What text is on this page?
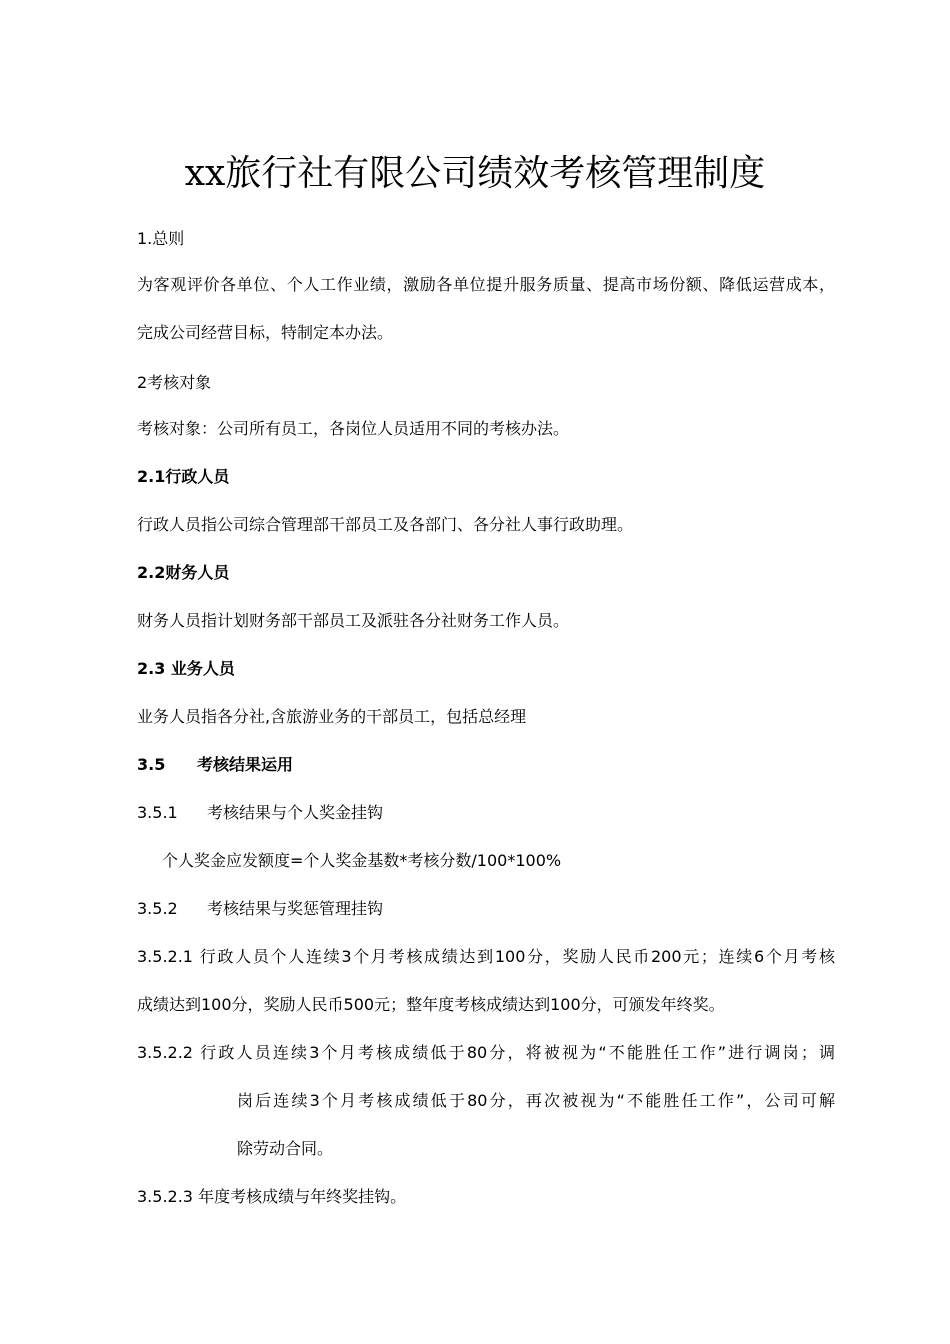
xx旅行社有限公司绩效考核管理制度
1.总则
为客观评价各单位、个人工作业绩，激励各单位提升服务质量、提高市场份额、降低运营成本，
完成公司经营目标，特制定本办法。
2考核对象
考核对象：公司所有员工，各岗位人员适用不同的考核办法。
2.1行政人员
行政人员指公司综合管理部干部员工及各部门、各分社人事行政助理。
2.2财务人员
财务人员指计划财务部干部员工及派驻各分社财务工作人员。
2.3 业务人员
业务人员指各分社,含旅游业务的干部员工，包括总经理
3.5 考核结果运用
3.5.1 考核结果与个人奖金挂钩
个人奖金应发额度=个人奖金基数*考核分数/100*100%
3.5.2 考核结果与奖惩管理挂钩
3.5.2.1 行政人员个人连续3个月考核成绩达到100分，奖励人民币200元；连续6个月考核
成绩达到100分，奖励人民币500元；整年度考核成绩达到100分，可颁发年终奖。
3.5.2.2 行政人员连续3个月考核成绩低于80分，将被视为“不能胜任工作”进行调岗；调
岗后连续3个月考核成绩低于80分，再次被视为“不能胜任工作”，公司可解
除劳动合同。
3.5.2.3 年度考核成绩与年终奖挂钩。
